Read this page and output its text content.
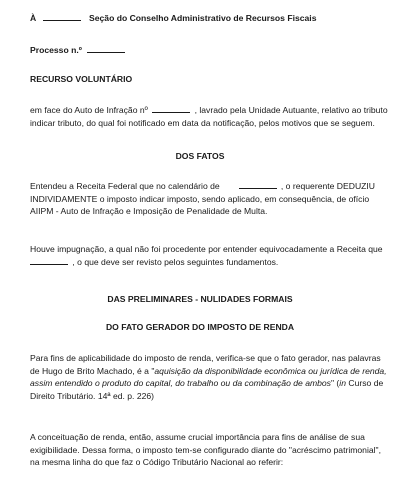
À	Seção do Conselho Administrativo de Recursos Fiscais
Processo n.º
RECURSO VOLUNTÁRIO
em face do Auto de Infração nº	, lavrado pela Unidade Autuante, relativo ao tributo
indicar tributo, do qual foi notificado em data da notificação, pelos motivos que se seguem.
DOS FATOS
Entendeu a Receita Federal que no calendário de	, o requerente DEDUZIU
INDIVIDAMENTE o imposto indicar imposto, sendo aplicado, em consequência, de ofício
AIIPM - Auto de Infração e Imposição de Penalidade de Multa.
Houve impugnação, a qual não foi procedente por entender equivocadamente a Receita que
, o que deve ser revisto pelos seguintes fundamentos.
DAS PRELIMINARES - NULIDADES FORMAIS
DO FATO GERADOR DO IMPOSTO DE RENDA
Para fins de aplicabilidade do imposto de renda, verifica-se que o fato gerador, nas palavras
de Hugo de Brito Machado, é a "aquisição da disponibilidade econômica ou jurídica de renda,
assim entendido o produto do capital, do trabalho ou da combinação de ambos" (in Curso de
Direito Tributário. 14ª ed. p. 226)
A conceituação de renda, então, assume crucial importância para fins de análise de sua
exigibilidade. Dessa forma, o imposto tem-se configurado diante do "acréscimo patrimonial",
na mesma linha do que faz o Código Tributário Nacional ao referir:
